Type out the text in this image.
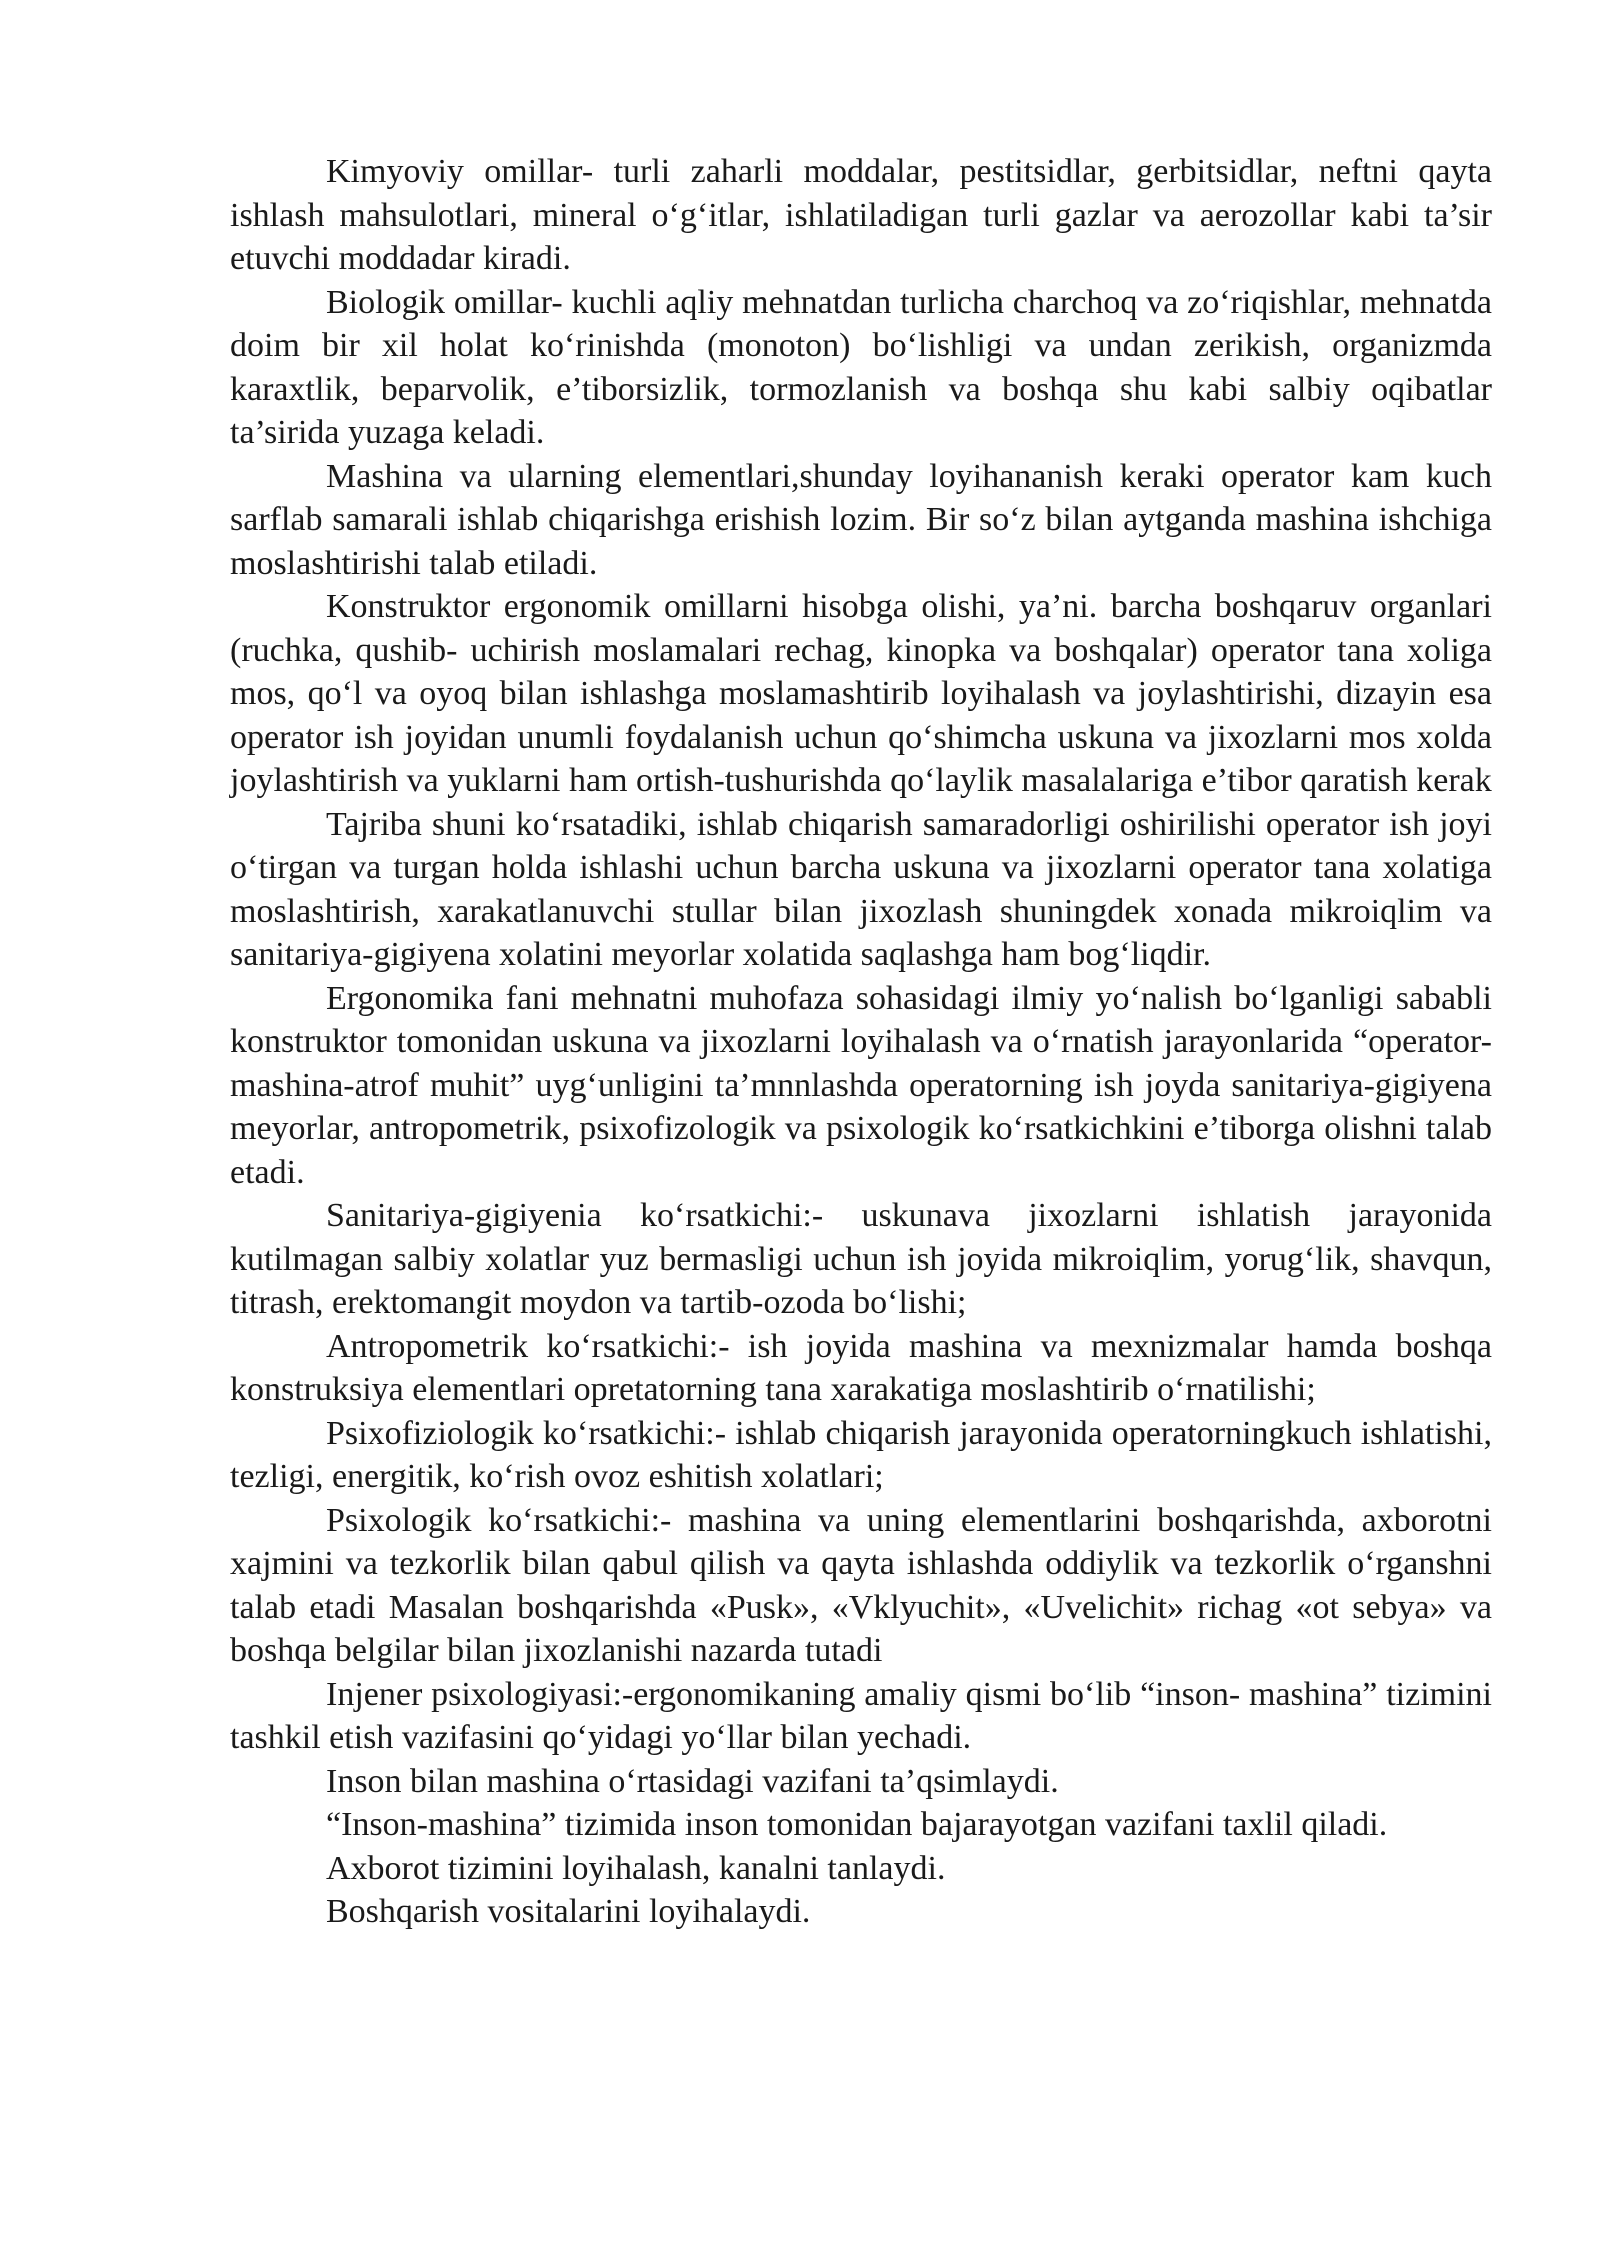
Kimyoviy omillar- turli zaharli moddalar, pestitsidlar, gerbitsidlar, neftni qayta ishlash mahsulotlari, mineral o‘g‘itlar, ishlatiladigan turli gazlar va aerozollar kabi ta’sir etuvchi moddadar kiradi.

Biologik omillar- kuchli aqliy mehnatdan turlicha charchoq va zo‘riqishlar, mehnatda doim bir xil holat ko‘rinishda (monoton) bo‘lishligi va undan zerikish, organizmda karaxtlik, beparvolik, e’tiborsizlik, tormozlanish va boshqa shu kabi salbiy oqibatlar ta’sirida yuzaga keladi.

Mashina va ularning elementlari,shunday loyihananish keraki operator kam kuch sarflab samarali ishlab chiqarishga erishish lozim. Bir so‘z bilan aytganda mashina ishchiga moslashtirishi talab etiladi.

Konstruktor ergonomik omillarni hisobga olishi, ya’ni. barcha boshqaruv organlari (ruchka, qushib- uchirish moslamalari rechag, kinopka va boshqalar) operator tana xoliga mos, qo‘l va oyoq bilan ishlashga moslamashtirib loyihalash va joylashtirishi, dizayin esa operator ish joyidan unumli foydalanish uchun qo‘shimcha uskuna va jixozlarni mos xolda joylashtirish va yuklarni ham ortish-tushurishda qo‘laylik masalalariga e’tibor qaratish kerak

Tajriba shuni ko‘rsatadiki, ishlab chiqarish samaradorligi oshirilishi operator ish joyi o‘tirgan va turgan holda ishlashi uchun barcha uskuna va jixozlarni operator tana xolatiga moslashtirish, xarakatlanuvchi stullar bilan jixozlash shuningdek xonada mikroiqlim va sanitariya-gigiyena xolatini meyorlar xolatida saqlashga ham bog‘liqdir.

Ergonomika fani mehnatni muhofaza sohasidagi ilmiy yo‘nalish bo‘lganligi sababli konstruktor tomonidan uskuna va jixozlarni loyihalash va o‘rnatish jarayonlarida “operator-mashina-atrof muhit” uyg‘unligini ta’mnnlashda operatorning ish joyda sanitariya-gigiyena meyorlar, antropometrik, psixofizologik va psixologik ko‘rsatkichkini e’tiborga olishni talab etadi.

Sanitariya-gigiyenia ko‘rsatkichi:- uskunava jixozlarni ishlatish jarayonida kutilmagan salbiy xolatlar yuz bermasligi uchun ish joyida mikroiqlim, yorug‘lik, shavqun, titrash, erektomangit moydon va tartib-ozoda bo‘lishi;

Antropometrik ko‘rsatkichi:- ish joyida mashina va mexnizmalar hamda boshqa konstruksiya elementlari opretatorning tana xarakatiga moslashtirib o‘rnatilishi;

Psixofiziologik ko‘rsatkichi:- ishlab chiqarish jarayonida operatorningkuch ishlatishi, tezligi, energitik, ko‘rish ovoz eshitish xolatlari;

Psixologik ko‘rsatkichi:- mashina va uning elementlarini boshqarishda, axborotni xajmini va tezkorlik bilan qabul qilish va qayta ishlashda oddiylik va tezkorlik o‘rganshni talab etadi Masalan boshqarishda «Pusk», «Vklyuchit», «Uvelichit» richag «ot sebya» va boshqa belgilar bilan jixozlanishi nazarda tutadi

Injener psixologiyasi:-ergonomikaning amaliy qismi bo‘lib “inson- mashina” tizimini tashkil etish vazifasini qo‘yidagi yo‘llar bilan yechadi.

Inson bilan mashina o‘rtasidagi vazifani ta’qsimlaydi.

“Inson-mashina” tizimida inson tomonidan bajarayotgan vazifani taxlil qiladi.

Axborot tizimini loyihalash, kanalni tanlaydi.

Boshqarish vositalarini loyihalaydi.
